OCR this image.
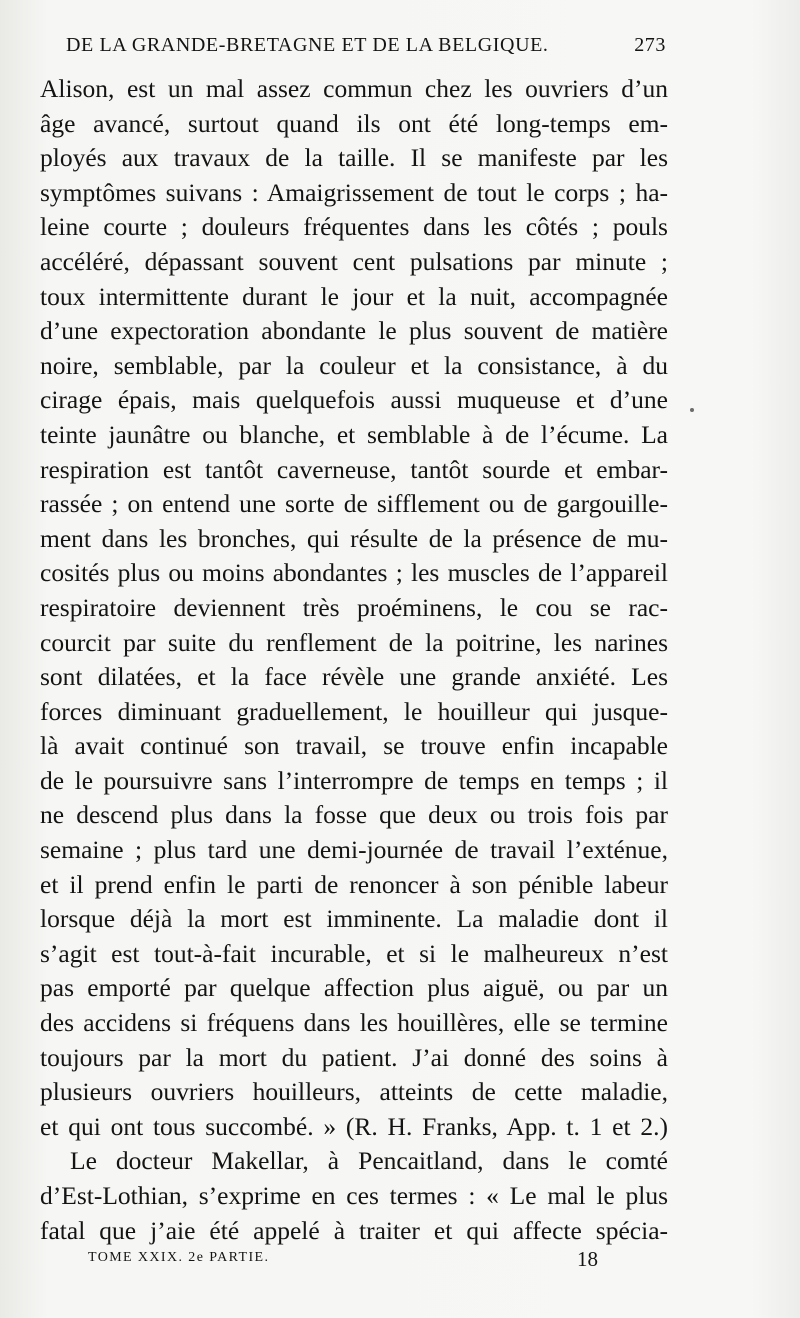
DE LA GRANDE-BRETAGNE ET DE LA BELGIQUE.	273
Alison, est un mal assez commun chez les ouvriers d’un
âge avancé, surtout quand ils ont été long-temps em-
ployés aux travaux de la taille. Il se manifeste par les
symptômes suivans : Amaigrissement de tout le corps ; ha-
leine courte ; douleurs fréquentes dans les côtés ; pouls
accéléré, dépassant souvent cent pulsations par minute ;
toux intermittente durant le jour et la nuit, accompagnée
d’une expectoration abondante le plus souvent de matière
noire, semblable, par la couleur et la consistance, à du
cirage épais, mais quelquefois aussi muqueuse et d’une
teinte jaunâtre ou blanche, et semblable à de l’écume. La
respiration est tantôt caverneuse, tantôt sourde et embar-
rassée ; on entend une sorte de sifflement ou de gargouille-
ment dans les bronches, qui résulte de la présence de mu-
cosités plus ou moins abondantes ; les muscles de l’appareil
respiratoire deviennent très proéminens, le cou se rac-
courcit par suite du renflement de la poitrine, les narines
sont dilatées, et la face révèle une grande anxiété. Les
forces diminuant graduellement, le houilleur qui jusque-
là avait continué son travail, se trouve enfin incapable
de le poursuivre sans l’interrompre de temps en temps ; il
ne descend plus dans la fosse que deux ou trois fois par
semaine ; plus tard une demi-journée de travail l’exténue,
et il prend enfin le parti de renoncer à son pénible labeur
lorsque déjà la mort est imminente. La maladie dont il
s’agit est tout-à-fait incurable, et si le malheureux n’est
pas emporté par quelque affection plus aiguë, ou par un
des accidens si fréquens dans les houillères, elle se termine
toujours par la mort du patient. J’ai donné des soins à
plusieurs ouvriers houilleurs, atteints de cette maladie,
et qui ont tous succombé. » (R. H. Franks, App. t. 1 et 2.)
Le docteur Makellar, à Pencaitland, dans le comté
d’Est-Lothian, s’exprime en ces termes : « Le mal le plus
fatal que j’aie été appelé à traiter et qui affecte spécia-
TOME XXIX. 2e PARTIE.	18
